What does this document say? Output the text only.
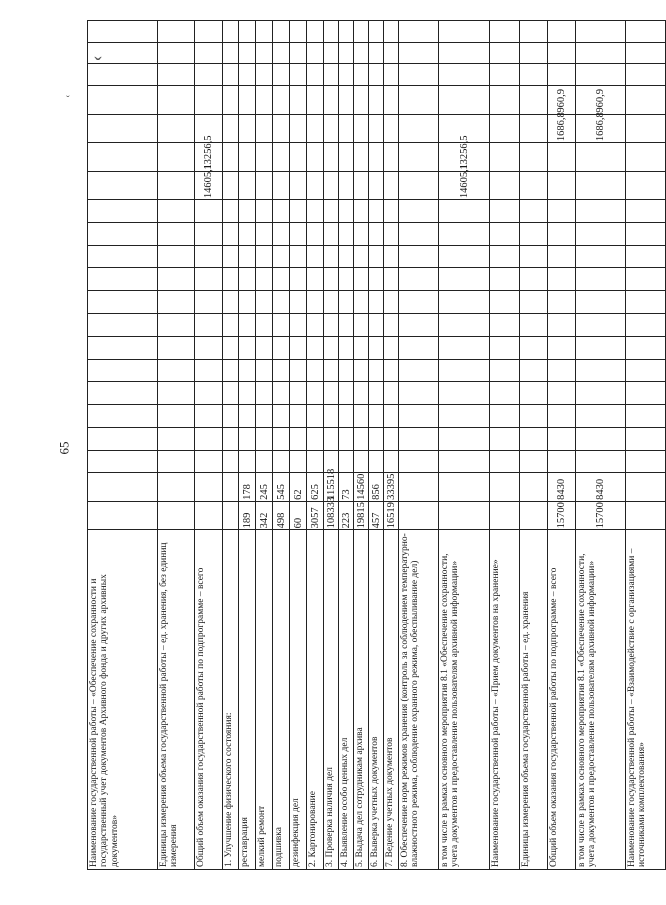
65
ˇ
Наименование государственной работы – «Обеспечение сохранности и государственный учет документов Архивного фонда и других архивных документов»																					
Единицы измерения объема государственной работы – ед. хранения, без единиц измерения																					
Общий объем оказания государственной работы по подпрограмме – всего															14605,1	13256,5					
1. Улучшение физического состояния:																					
реставрация	189	178																			
мелкий ремонт	342	245																			
подшивка	498	545																			
дезинфекция дел	60	62																			
2. Картонирование	3057	625																			
3. Проверка наличия дел	108333	115518																			
4. Выявление особо ценных дел	223	73																			
5. Выдача дел сотрудникам архива	19815	14560																			
6. Выверка учетных документов	457	856																			
7. Ведение учетных документов	16519	33395																			
8. Обеспечение норм режимов хранения (контроль за соблюдением температурно-влажностного режима, соблюдение охранного режима, обеспыливание дел)																					
в том числе в рамках основного мероприятия 8.1 «Обеспечение сохранности, учета документов и предоставление пользователям архивной информации»															14605,1	13256,5					
Наименование государственной работы – «Прием документов на хранение»																					
Единицы измерения объема государственной работы – ед. хранения																					
Общий объем оказания государственной работы по подпрограмме – всего	15700	8430															1686,8	960,9			
в том числе в рамках основного мероприятия 8.1 «Обеспечение сохранности, учета документов и предоставление пользователям архивной информации»	15700	8430															1686,8	960,9			
Наименование государственной работы – «Взаимодействие с организациями – источниками комплектования»																					
